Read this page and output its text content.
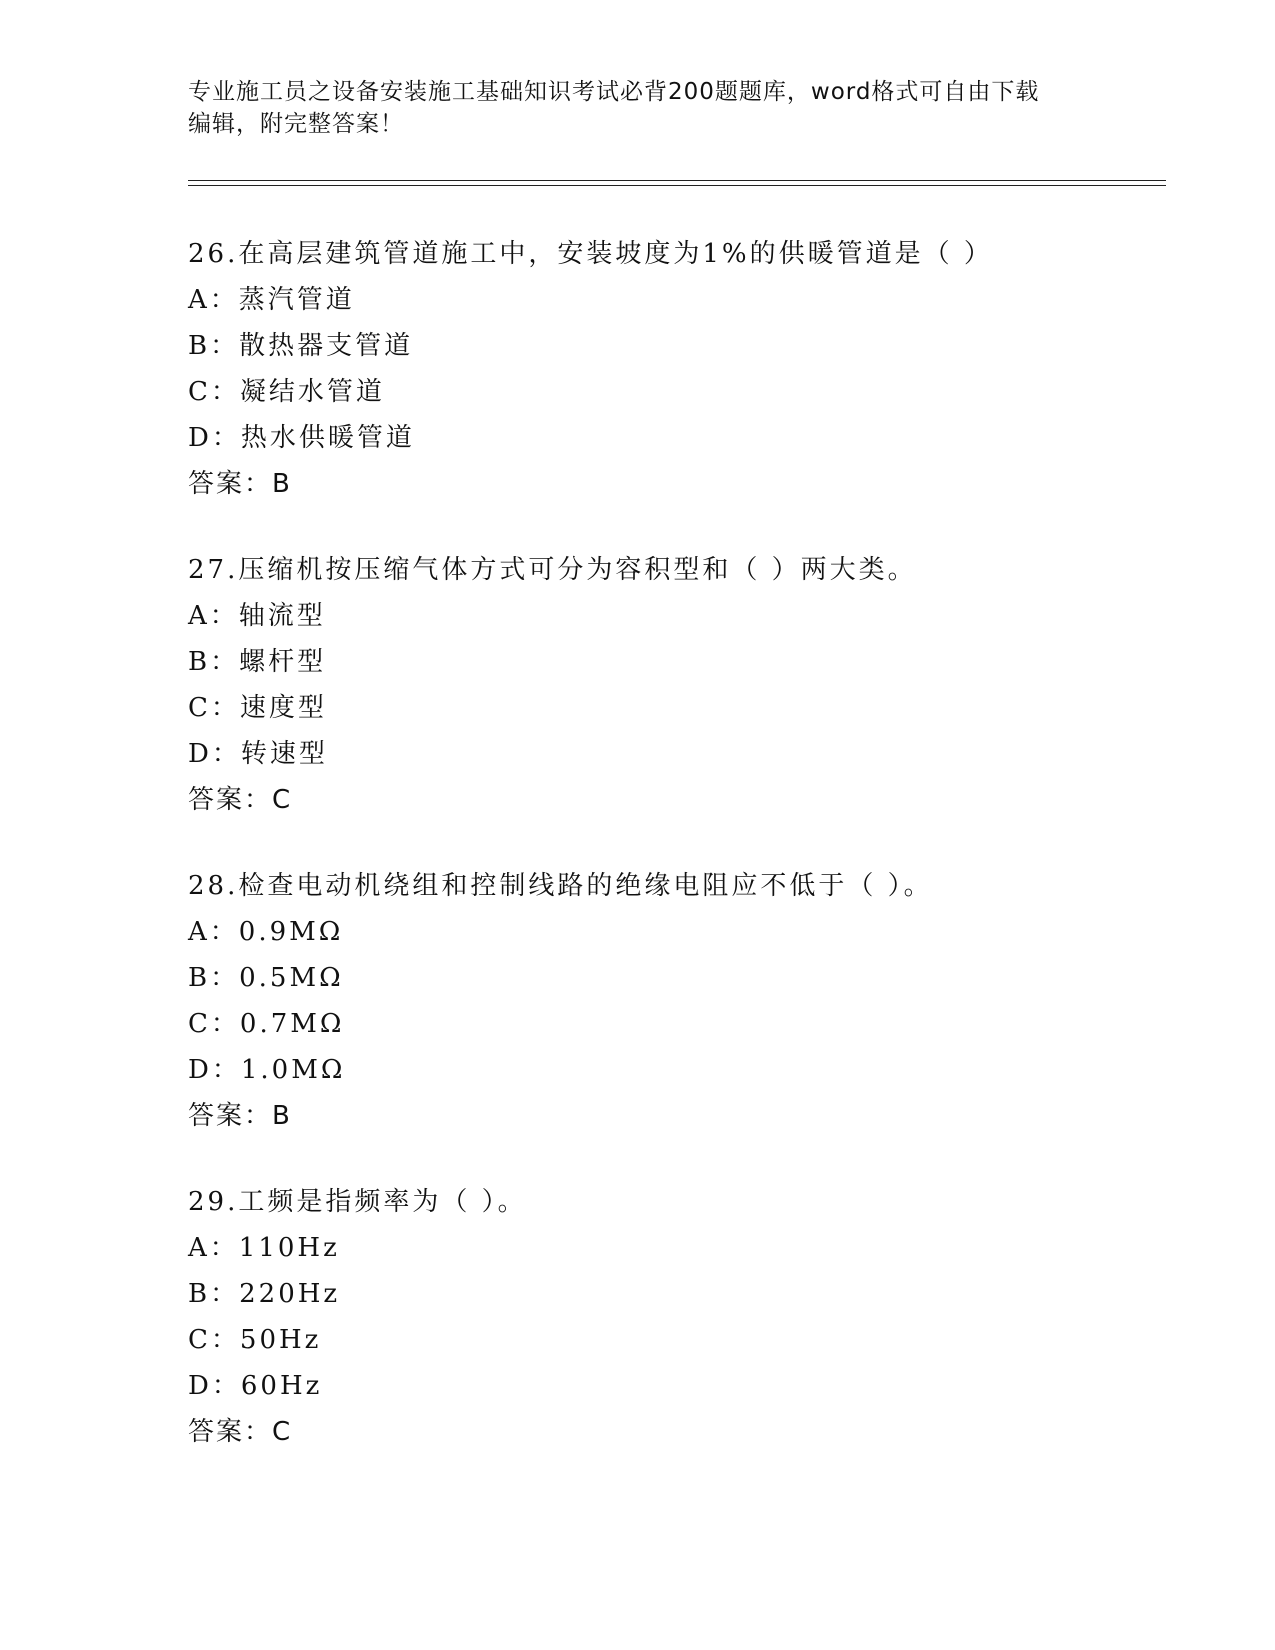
专业施工员之设备安装施工基础知识考试必背200题题库，word格式可自由下载
编辑，附完整答案！
26.在高层建筑管道施工中，安装坡度为1%的供暖管道是（ ）
A：蒸汽管道
B：散热器支管道
C：凝结水管道
D：热水供暖管道
答案：B
27.压缩机按压缩气体方式可分为容积型和（ ）两大类。
A：轴流型
B：螺杆型
C：速度型
D：转速型
答案：C
28.检查电动机绕组和控制线路的绝缘电阻应不低于（ ）。
A：0.9MΩ
B：0.5MΩ
C：0.7MΩ
D：1.0MΩ
答案：B
29.工频是指频率为（ ）。
A：110Hz
B：220Hz
C：50Hz
D：60Hz
答案：C
